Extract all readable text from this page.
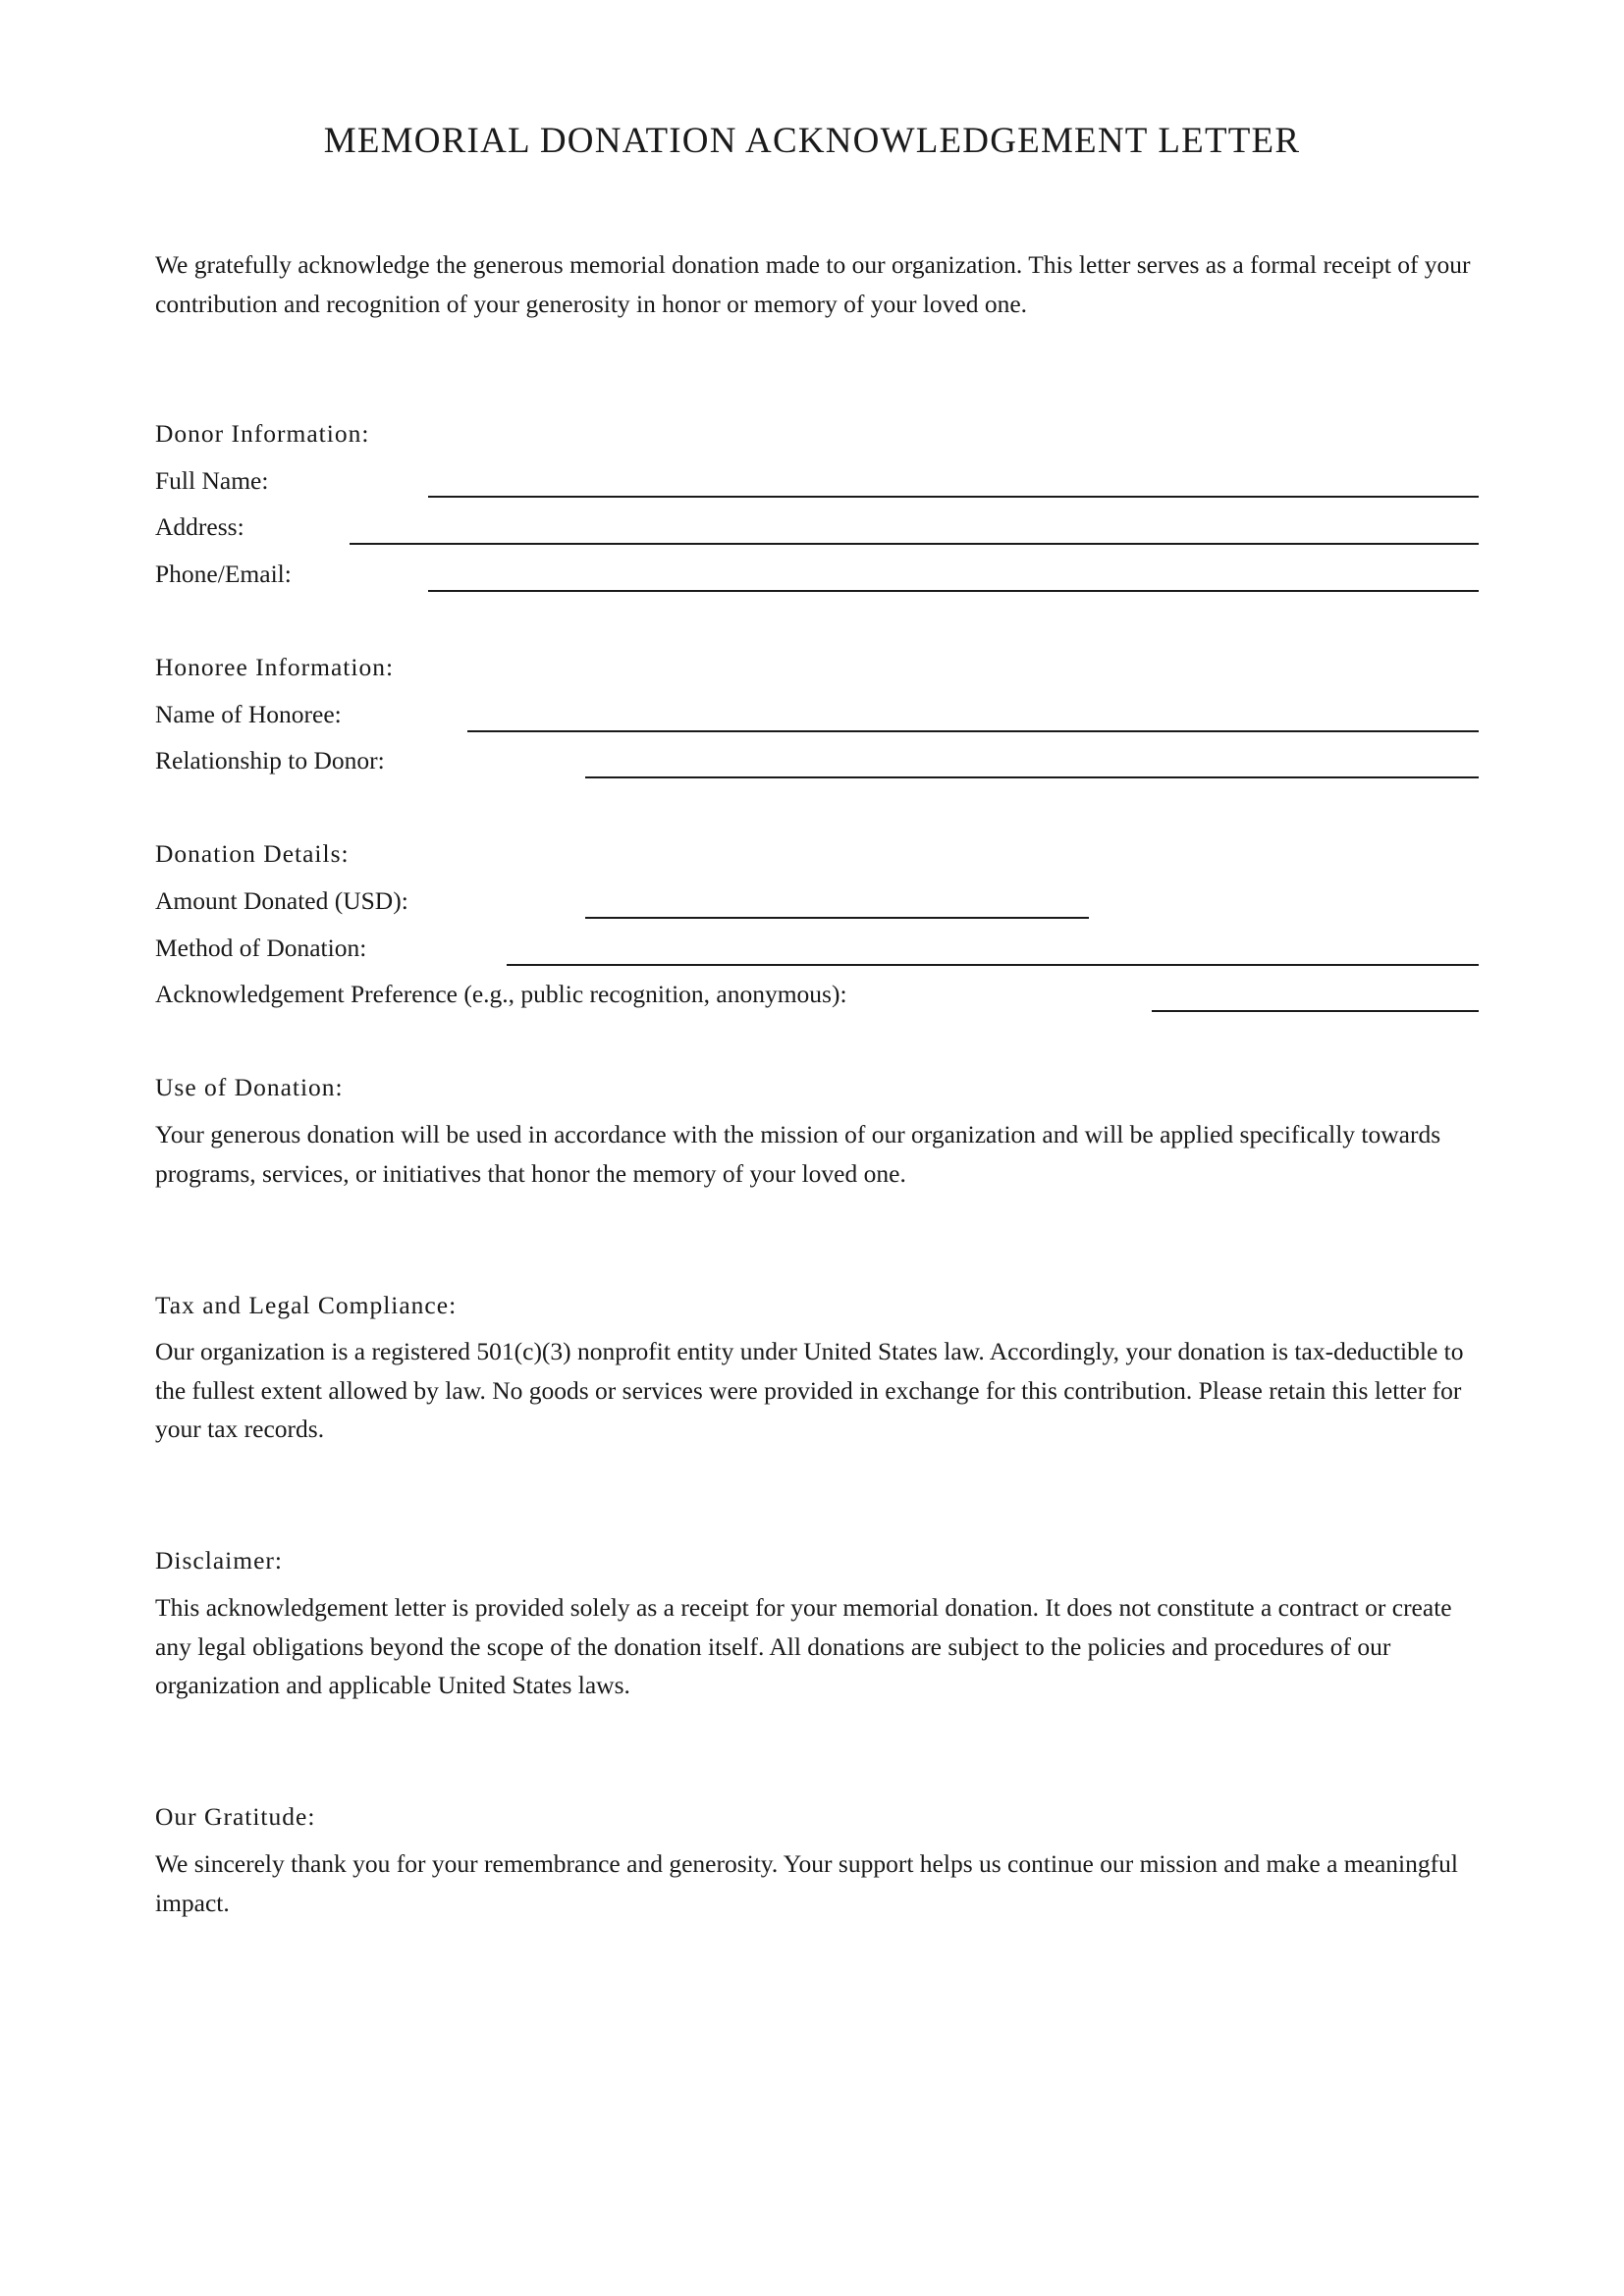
MEMORIAL DONATION ACKNOWLEDGEMENT LETTER

We gratefully acknowledge the generous memorial donation made to our organization. This letter serves as a formal receipt of your contribution and recognition of your generosity in honor or memory of your loved one.

Donor Information:
Full Name:
Address:
Phone/Email:
Honoree Information:
Name of Honoree:
Relationship to Donor:
Donation Details:
Amount Donated (USD):
Method of Donation:
Acknowledgement Preference (e.g., public recognition, anonymous):
Use of Donation:

Your generous donation will be used in accordance with the mission of our organization and will be applied specifically towards programs, services, or initiatives that honor the memory of your loved one.

Tax and Legal Compliance:

Our organization is a registered 501(c)(3) nonprofit entity under United States law. Accordingly, your donation is tax-deductible to the fullest extent allowed by law. No goods or services were provided in exchange for this contribution. Please retain this letter for your tax records.

Disclaimer:

This acknowledgement letter is provided solely as a receipt for your memorial donation. It does not constitute a contract or create any legal obligations beyond the scope of the donation itself. All donations are subject to the policies and procedures of our organization and applicable United States laws.

Our Gratitude:

We sincerely thank you for your remembrance and generosity. Your support helps us continue our mission and make a meaningful impact.
